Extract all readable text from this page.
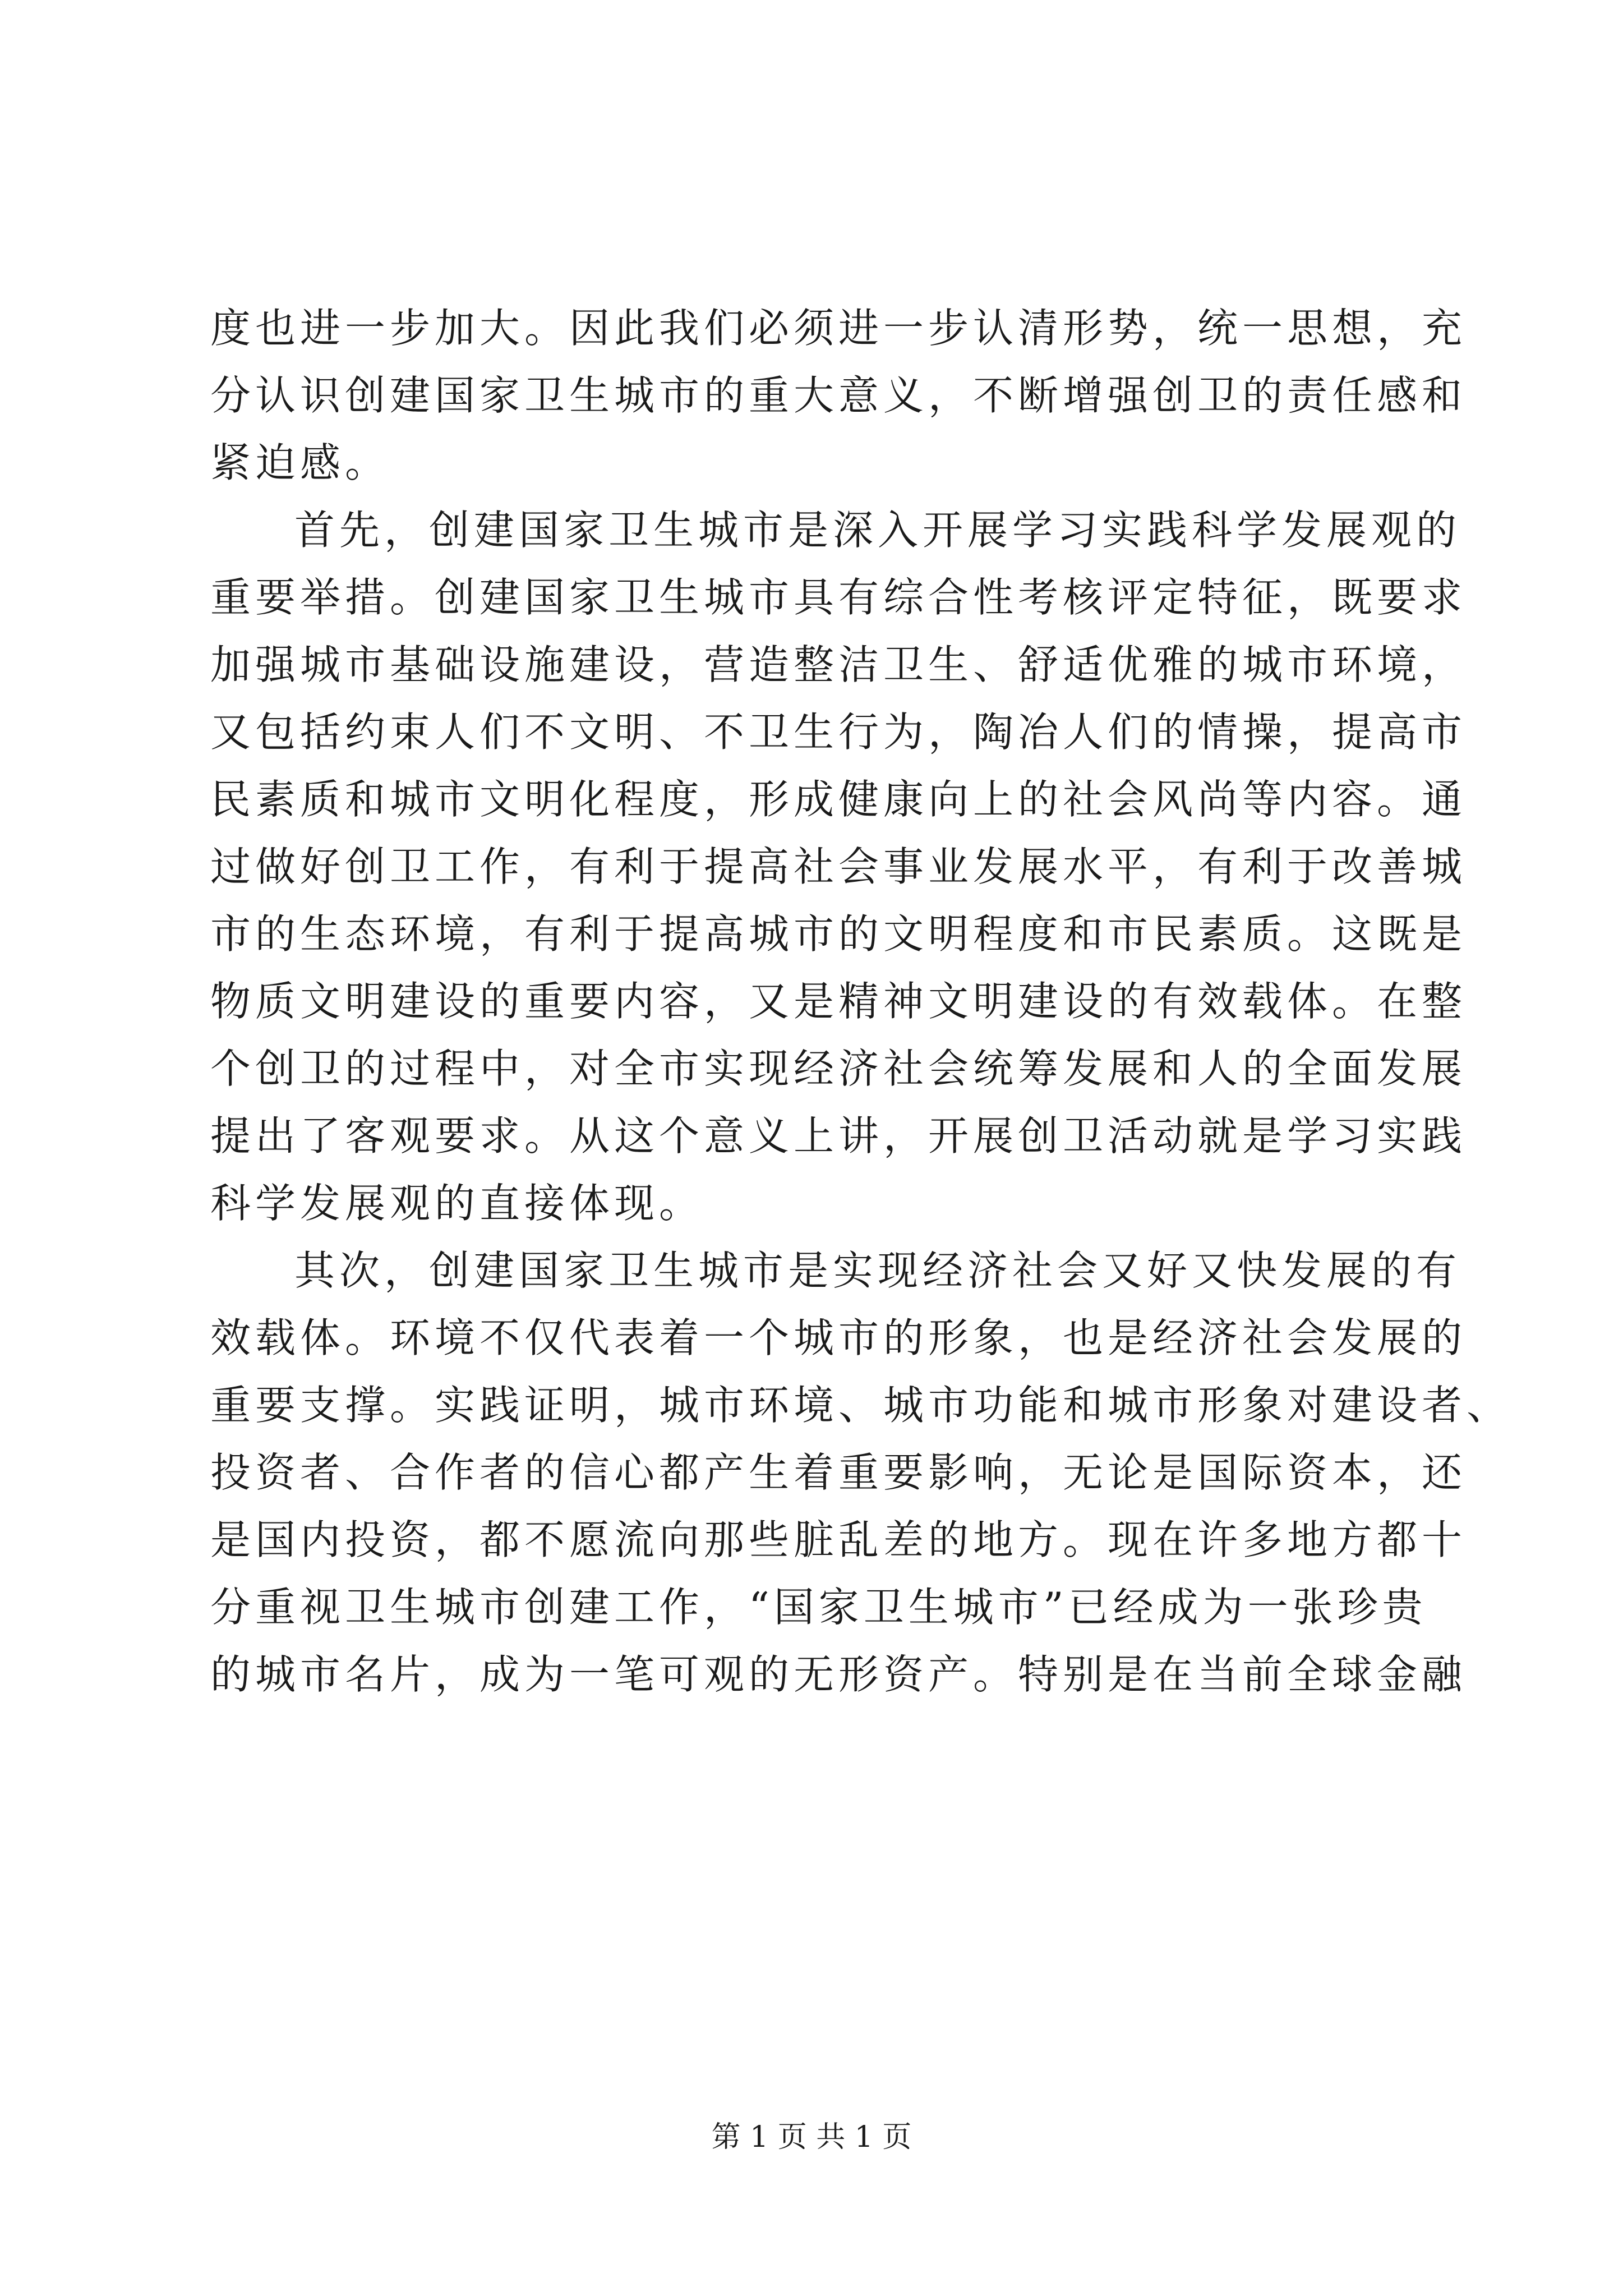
度也进一步加大。因此我们必须进一步认清形势，统一思想，充
分认识创建国家卫生城市的重大意义，不断增强创卫的责任感和
紧迫感。
首先，创建国家卫生城市是深入开展学习实践科学发展观的
重要举措。创建国家卫生城市具有综合性考核评定特征，既要求
加强城市基础设施建设，营造整洁卫生、舒适优雅的城市环境，
又包括约束人们不文明、不卫生行为，陶冶人们的情操，提高市
民素质和城市文明化程度，形成健康向上的社会风尚等内容。通
过做好创卫工作，有利于提高社会事业发展水平，有利于改善城
市的生态环境，有利于提高城市的文明程度和市民素质。这既是
物质文明建设的重要内容，又是精神文明建设的有效载体。在整
个创卫的过程中，对全市实现经济社会统筹发展和人的全面发展
提出了客观要求。从这个意义上讲，开展创卫活动就是学习实践
科学发展观的直接体现。
其次，创建国家卫生城市是实现经济社会又好又快发展的有
效载体。环境不仅代表着一个城市的形象，也是经济社会发展的
重要支撑。实践证明，城市环境、城市功能和城市形象对建设者、
投资者、合作者的信心都产生着重要影响，无论是国际资本，还
是国内投资，都不愿流向那些脏乱差的地方。现在许多地方都十
分重视卫生城市创建工作，“国家卫生城市”已经成为一张珍贵
的城市名片，成为一笔可观的无形资产。特别是在当前全球金融
第 1 页 共 1 页
